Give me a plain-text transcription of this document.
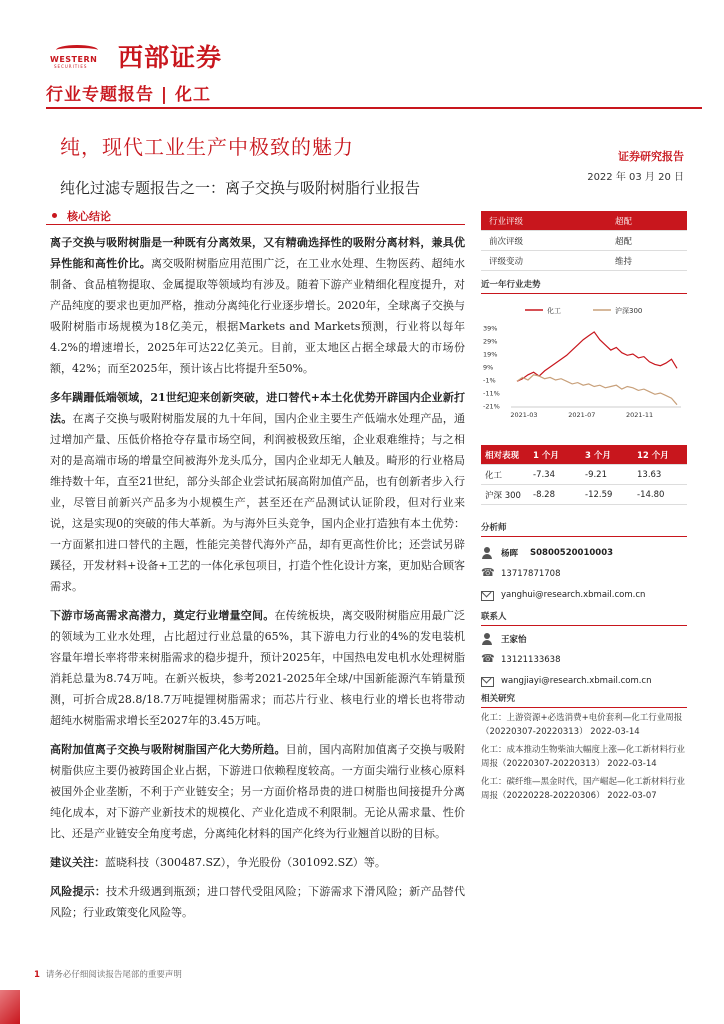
WESTERN
SECURITIES 西部证券
行业专题报告 | 化工
纯，现代工业生产中极致的魅力
纯化过滤专题报告之一：离子交换与吸附树脂行业报告
证券研究报告
2022 年 03 月 20 日
核心结论

离子交换与吸附树脂是一种既有分离效果，又有精确选择性的吸附分离材料，兼具优异性能和高性价比。离交吸附树脂应用范围广泛，在工业水处理、生物医药、超纯水制备、食品植物提取、金属提取等领域均有涉及。随着下游产业精细化程度提升，对产品纯度的要求也更加严格，推动分离纯化行业逐步增长。2020年，全球离子交换与吸附树脂市场规模为18亿美元，根据Markets and Markets预测，行业将以每年4.2%的增速增长，2025年可达22亿美元。目前，亚太地区占据全球最大的市场份额，42%；而至2025年，预计该占比将提升至50%。

多年蹒跚低端领域，21世纪迎来创新突破，进口替代+本土化优势开辟国内企业新打法。在离子交换与吸附树脂发展的九十年间，国内企业主要生产低端水处理产品，通过增加产量、压低价格抢夺存量市场空间，利润被极致压缩，企业艰难维持；与之相对的是高端市场的增量空间被海外龙头瓜分，国内企业却无人触及。畸形的行业格局维持数十年，直至21世纪，部分头部企业尝试拓展高附加值产品，也有创新者步入行业，尽管目前新兴产品多为小规模生产，甚至还在产品测试认证阶段，但对行业来说，这是实现0的突破的伟大革新。为与海外巨头竞争，国内企业打造独有本土优势：一方面紧扣进口替代的主题，性能完美替代海外产品，却有更高性价比；还尝试另辟蹊径，开发材料+设备+工艺的一体化承包项目，打造个性化设计方案，更加贴合顾客需求。

下游市场高需求高潜力，奠定行业增量空间。在传统板块，离交吸附树脂应用最广泛的领域为工业水处理，占比超过行业总量的65%，其下游电力行业的4%的发电装机容量年增长率将带来树脂需求的稳步提升，预计2025年，中国热电发电机水处理树脂消耗总量为8.74万吨。在新兴板块，参考2021-2025年全球/中国新能源汽车销量预测，可折合成28.8/18.7万吨提锂树脂需求；而芯片行业、核电行业的增长也将带动超纯水树脂需求增长至2027年的3.45万吨。

高附加值离子交换与吸附树脂国产化大势所趋。目前，国内高附加值离子交换与吸附树脂供应主要仍被跨国企业占据，下游进口依赖程度较高。一方面尖端行业核心原料被国外企业垄断，不利于产业链安全；另一方面价格昂贵的进口树脂也间接提升分离纯化成本，对下游产业新技术的规模化、产业化造成不利限制。无论从需求量、性价比、还是产业链安全角度考虑，分离纯化材料的国产化终为行业翘首以盼的目标。

建议关注：蓝晓科技（300487.SZ），争光股份（301092.SZ）等。

风险提示：技术升级遇到瓶颈；进口替代受阻风险；下游需求下滑风险；新产品替代风险；行业政策变化风险等。

行业评级	超配
前次评级	超配
评级变动	维持
近一年行业走势
化工	沪深300
39%
29%
19%
9%
-1%
-11%
-21%
2021-03	2021-07	2021-11
相对表现	1 个月	3 个月	12 个月
化工	-7.34	-9.21	13.63
沪深 300	-8.28	-12.59	-14.80
分析师
杨晖 S0800520010003
☎
13717871708
yanghui@research.xbmail.com.cn
联系人
王家怡
☎
13121133638
wangjiayi@research.xbmail.com.cn
相关研究
化工：上游资源+必选消费+电价套利—化工行业周报（20220307-20220313） 2022-03-14
化工：成本推动生物柴油大幅度上涨—化工新材料行业周报（20220307-20220313） 2022-03-14
化工：碳纤维—黑金时代，国产崛起—化工新材料行业周报（20220228-20220306） 2022-03-07
1 请务必仔细阅读报告尾部的重要声明
